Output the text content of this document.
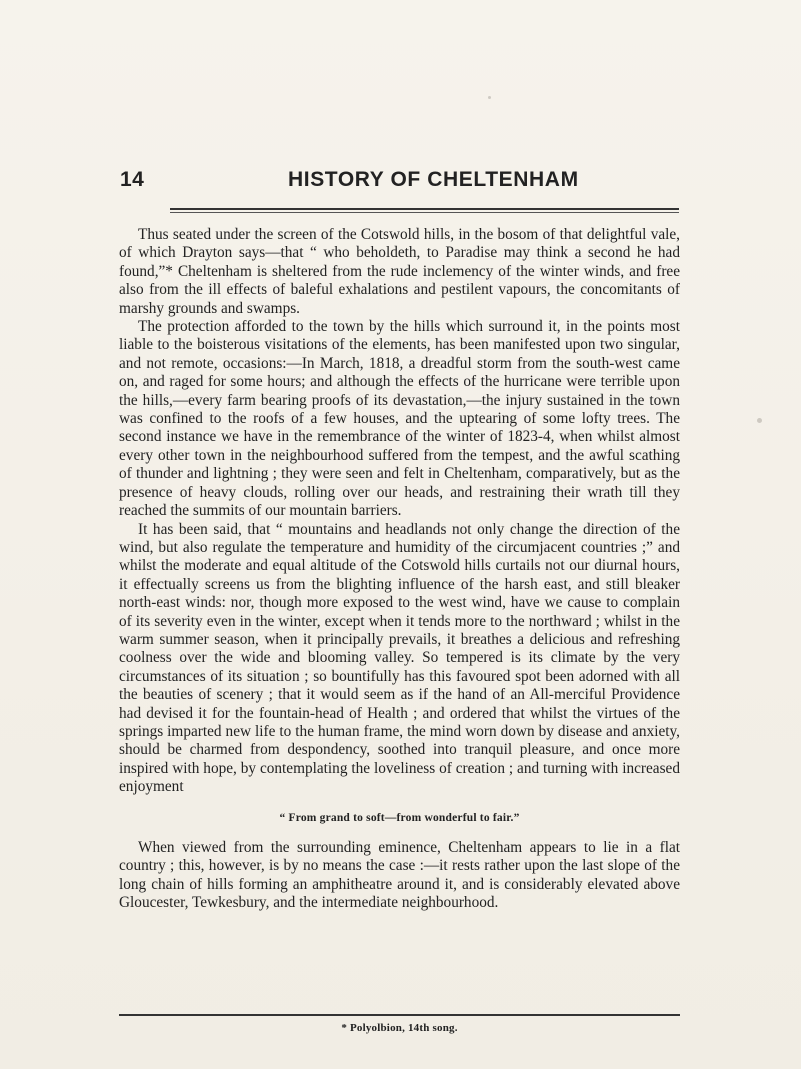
14	HISTORY OF CHELTENHAM

Thus seated under the screen of the Cotswold hills, in the bosom of that delightful vale, of which Drayton says—that “ who beholdeth, to Paradise may think a second he had found,”* Cheltenham is sheltered from the rude inclemency of the winter winds, and free also from the ill effects of baleful exhalations and pestilent vapours, the concomitants of marshy grounds and swamps.

The protection afforded to the town by the hills which surround it, in the points most liable to the boisterous visitations of the elements, has been manifested upon two singular, and not remote, occasions:—In March, 1818, a dreadful storm from the south-west came on, and raged for some hours; and although the effects of the hurricane were terrible upon the hills,—every farm bearing proofs of its devastation,—the injury sustained in the town was confined to the roofs of a few houses, and the uptearing of some lofty trees. The second instance we have in the remembrance of the winter of 1823-4, when whilst almost every other town in the neighbourhood suffered from the tempest, and the awful scathing of thunder and lightning ; they were seen and felt in Cheltenham, comparatively, but as the presence of heavy clouds, rolling over our heads, and restraining their wrath till they reached the summits of our mountain barriers.

It has been said, that “ mountains and headlands not only change the direction of the wind, but also regulate the temperature and humidity of the circumjacent countries ;” and whilst the moderate and equal altitude of the Cotswold hills curtails not our diurnal hours, it effectually screens us from the blighting influence of the harsh east, and still bleaker north-east winds: nor, though more exposed to the west wind, have we cause to complain of its severity even in the winter, except when it tends more to the northward ; whilst in the warm summer season, when it principally prevails, it breathes a delicious and refreshing coolness over the wide and blooming valley. So tempered is its climate by the very circumstances of its situation ; so bountifully has this favoured spot been adorned with all the beauties of scenery ; that it would seem as if the hand of an All-merciful Providence had devised it for the fountain-head of Health ; and ordered that whilst the virtues of the springs imparted new life to the human frame, the mind worn down by disease and anxiety, should be charmed from despondency, soothed into tranquil pleasure, and once more inspired with hope, by contemplating the loveliness of creation ; and turning with increased enjoyment

“ From grand to soft—from wonderful to fair.”

When viewed from the surrounding eminence, Cheltenham appears to lie in a flat country ; this, however, is by no means the case :—it rests rather upon the last slope of the long chain of hills forming an amphitheatre around it, and is considerably elevated above Gloucester, Tewkesbury, and the intermediate neighbourhood.

* Polyolbion, 14th song.
